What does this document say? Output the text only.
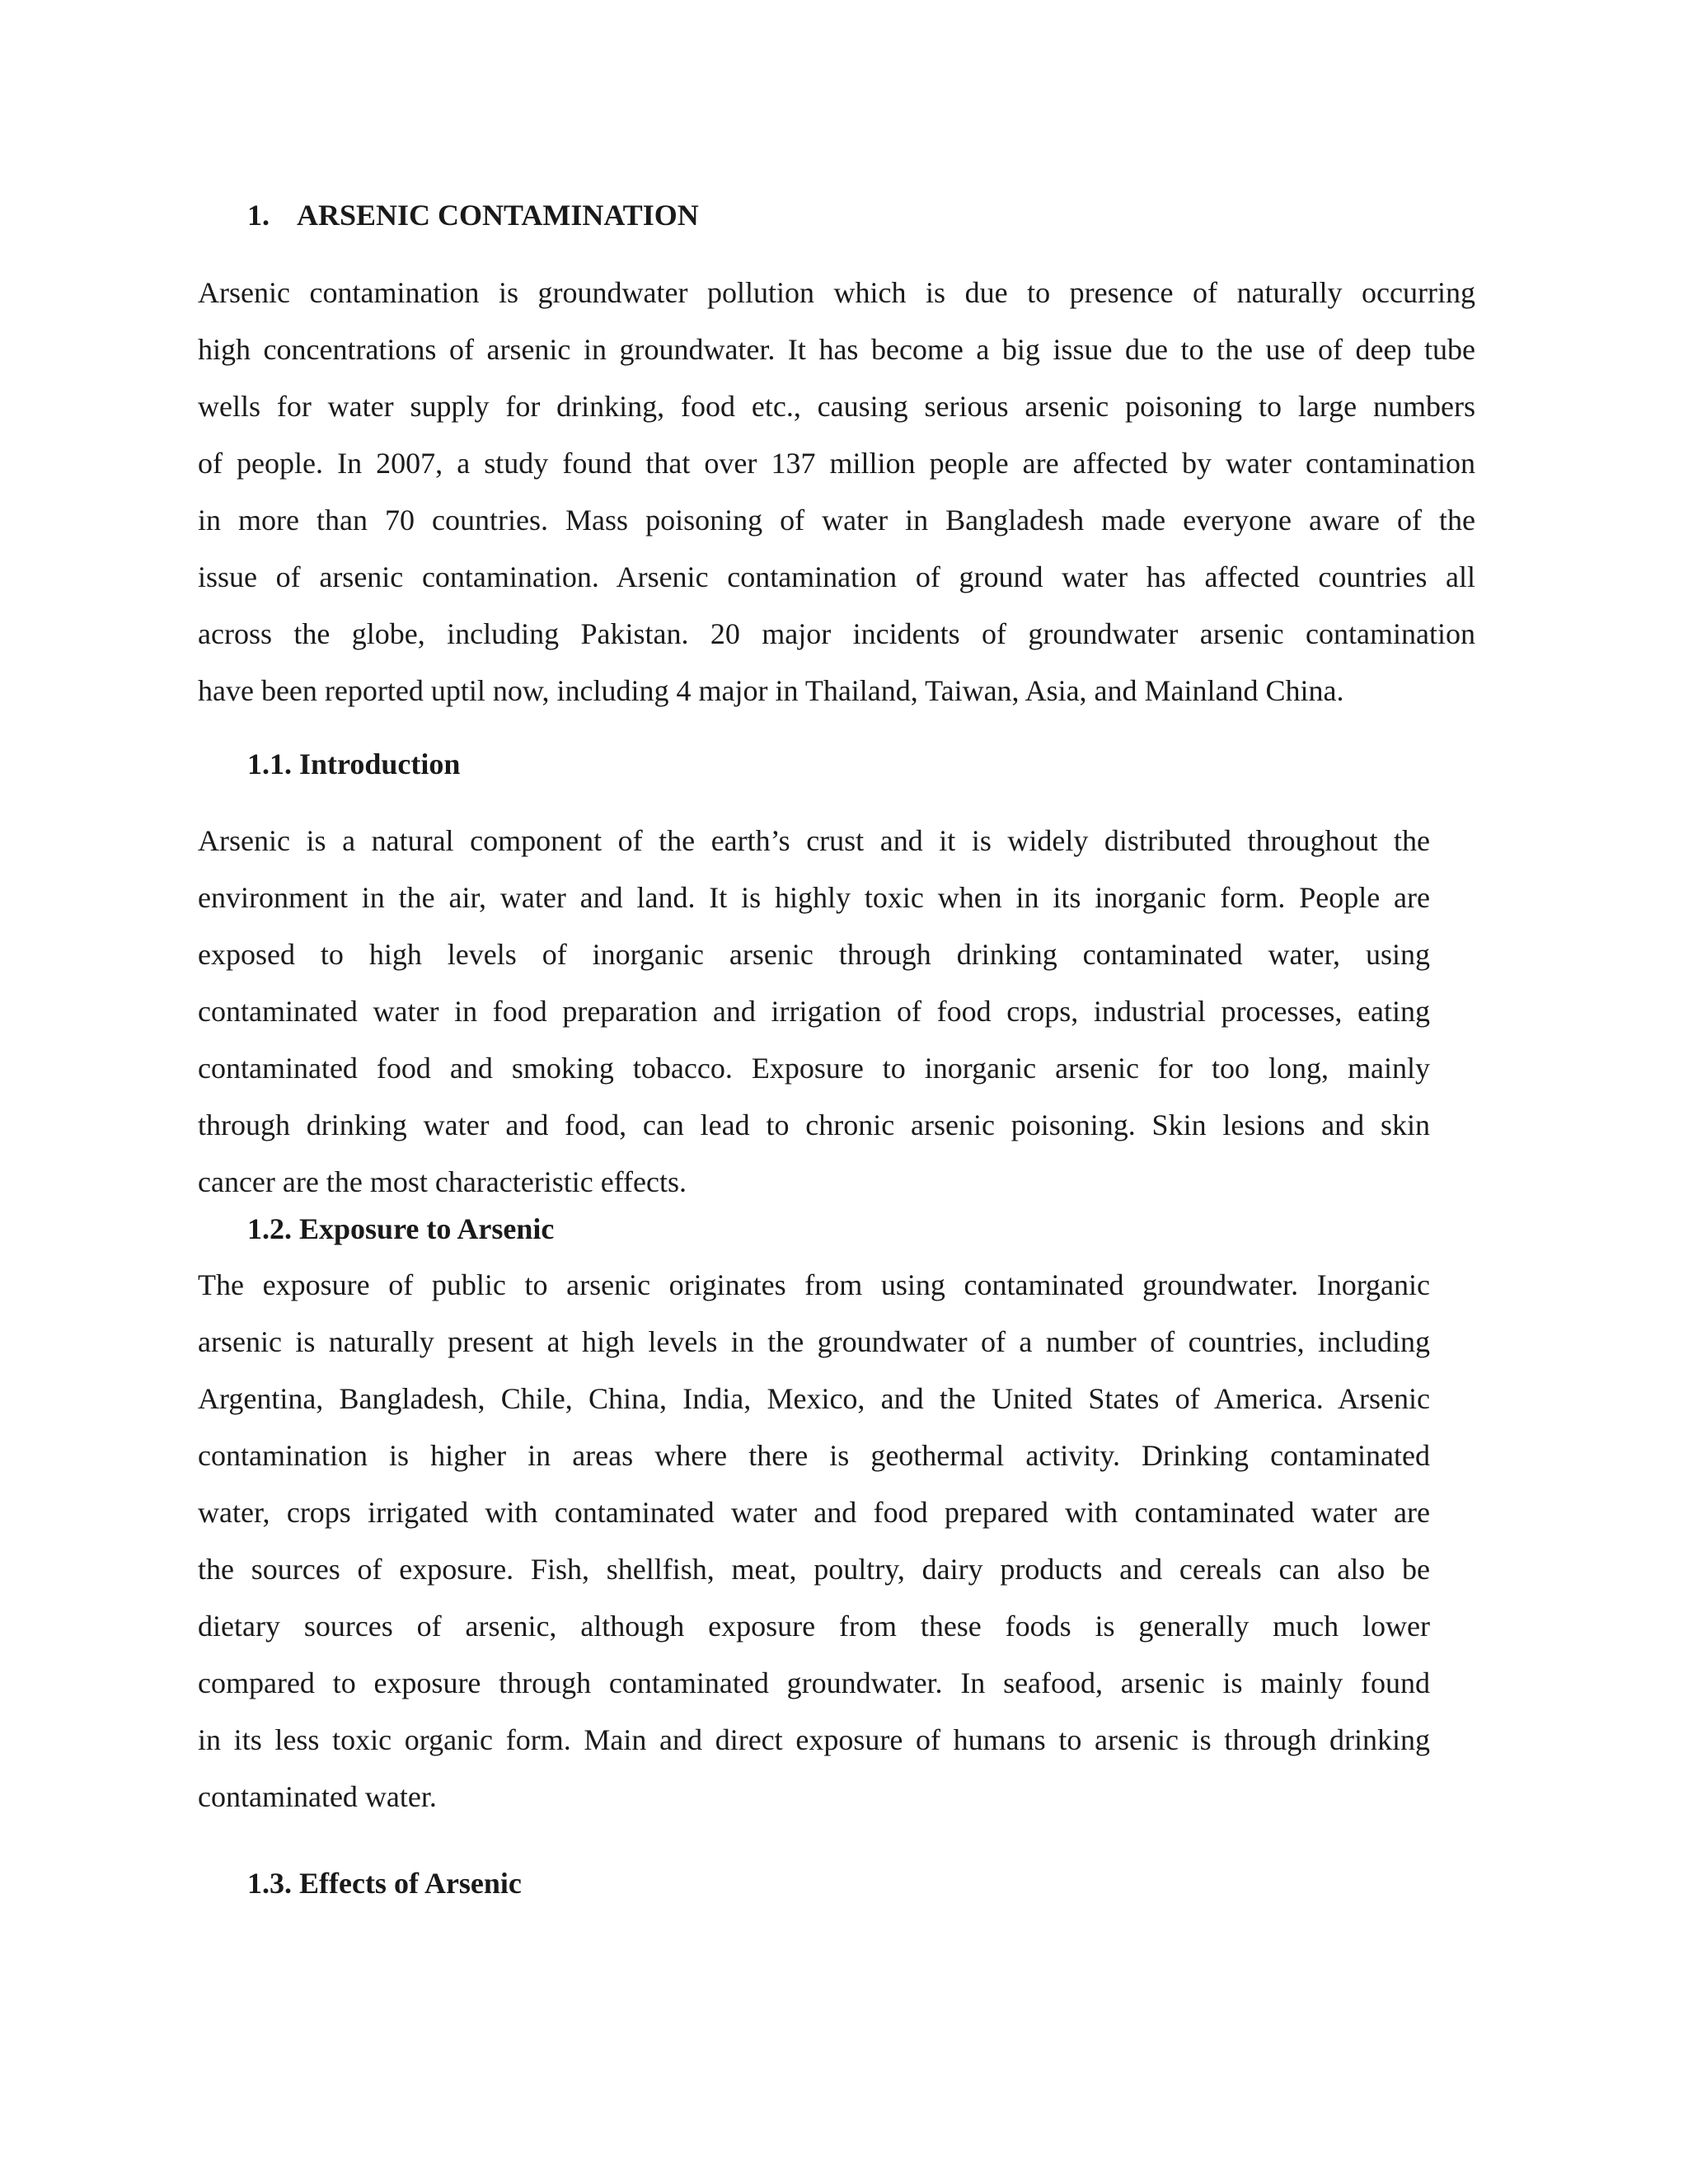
1. ARSENIC CONTAMINATION
Arsenic contamination is groundwater pollution which is due to presence of naturally occurring
high concentrations of arsenic in groundwater. It has become a big issue due to the use of deep tube
wells for water supply for drinking, food etc., causing serious arsenic poisoning to large numbers
of people. In 2007, a study found that over 137 million people are affected by water contamination
in more than 70 countries. Mass poisoning of water in Bangladesh made everyone aware of the
issue of arsenic contamination. Arsenic contamination of ground water has affected countries all
across the globe, including Pakistan. 20 major incidents of groundwater arsenic contamination
have been reported uptil now, including 4 major in Thailand, Taiwan, Asia, and Mainland China.
1.1. Introduction
Arsenic is a natural component of the earth’s crust and it is widely distributed throughout the
environment in the air, water and land. It is highly toxic when in its inorganic form. People are
exposed to high levels of inorganic arsenic through drinking contaminated water, using
contaminated water in food preparation and irrigation of food crops, industrial processes, eating
contaminated food and smoking tobacco. Exposure to inorganic arsenic for too long, mainly
through drinking water and food, can lead to chronic arsenic poisoning. Skin lesions and skin
cancer are the most characteristic effects.
1.2. Exposure to Arsenic
The exposure of public to arsenic originates from using contaminated groundwater. Inorganic
arsenic is naturally present at high levels in the groundwater of a number of countries, including
Argentina, Bangladesh, Chile, China, India, Mexico, and the United States of America. Arsenic
contamination is higher in areas where there is geothermal activity. Drinking contaminated
water, crops irrigated with contaminated water and food prepared with contaminated water are
the sources of exposure. Fish, shellfish, meat, poultry, dairy products and cereals can also be
dietary sources of arsenic, although exposure from these foods is generally much lower
compared to exposure through contaminated groundwater. In seafood, arsenic is mainly found
in its less toxic organic form. Main and direct exposure of humans to arsenic is through drinking
contaminated water.
1.3. Effects of Arsenic
